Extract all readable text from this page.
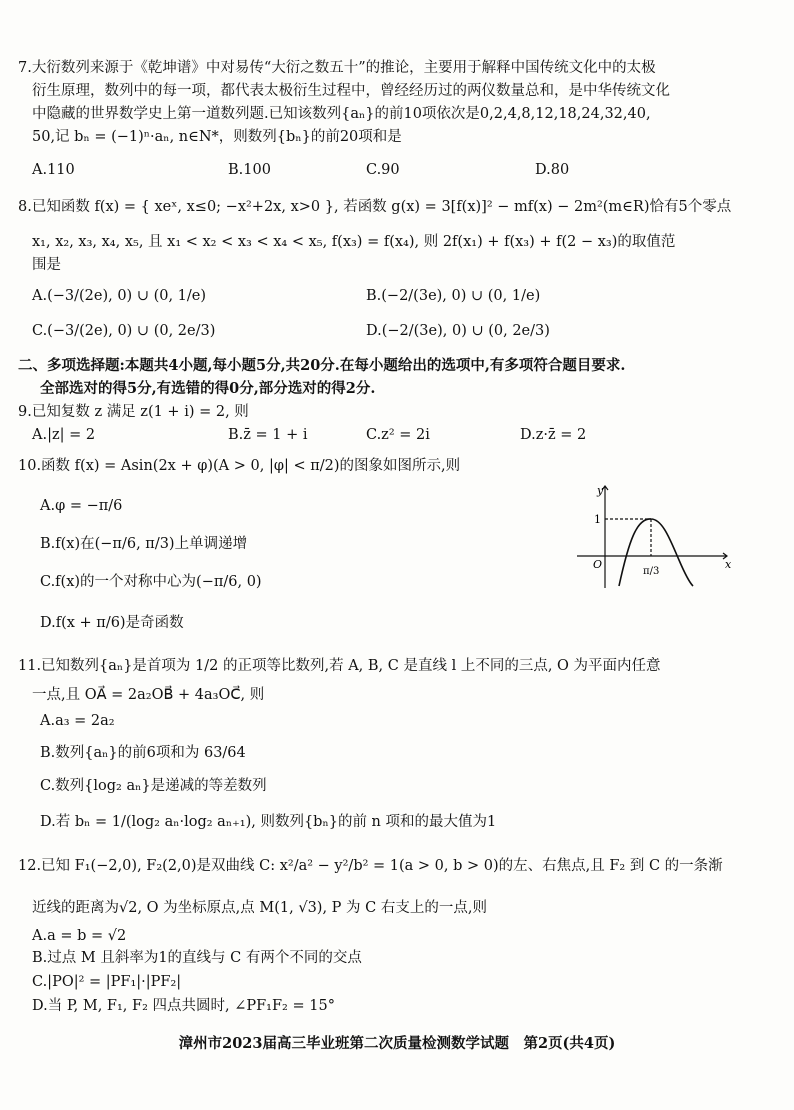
7.大衍数列来源于《乾坤谱》中对易传“大衍之数五十”的推论，主要用于解释中国传统文化中的太极
衍生原理，数列中的每一项，都代表太极衍生过程中，曾经经历过的两仪数量总和，是中华传统文化
中隐藏的世界数学史上第一道数列题.已知该数列{aₙ}的前10项依次是0,2,4,8,12,18,24,32,40,
50,记 bₙ = (−1)ⁿ·aₙ, n∈N*，则数列{bₙ}的前20项和是
A.110	B.100	C.90	D.80
8.已知函数 f(x) = { xeˣ, x≤0; −x²+2x, x>0 }, 若函数 g(x) = 3[f(x)]² − mf(x) − 2m²(m∈R)恰有5个零点
x₁, x₂, x₃, x₄, x₅, 且 x₁ < x₂ < x₃ < x₄ < x₅, f(x₃) = f(x₄), 则 2f(x₁) + f(x₃) + f(2 − x₃)的取值范
围是
A.(−3/(2e), 0) ∪ (0, 1/e)	B.(−2/(3e), 0) ∪ (0, 1/e)
C.(−3/(2e), 0) ∪ (0, 2e/3)	D.(−2/(3e), 0) ∪ (0, 2e/3)
二、多项选择题:本题共4小题,每小题5分,共20分.在每小题给出的选项中,有多项符合题目要求.
全部选对的得5分,有选错的得0分,部分选对的得2分.
9.已知复数 z 满足 z(1 + i) = 2, 则
A.|z| = 2	B.z̄ = 1 + i	C.z² = 2i	D.z·z̄ = 2
10.函数 f(x) = Asin(2x + φ)(A > 0, |φ| < π/2)的图象如图所示,则
A.φ = −π/6
B.f(x)在(−π/6, π/3)上单调递增
C.f(x)的一个对称中心为(−π/6, 0)
D.f(x + π/6)是奇函数
y
x
O
1
π/3
11.已知数列{aₙ}是首项为 1/2 的正项等比数列,若 A, B, C 是直线 l 上不同的三点, O 为平面内任意
一点,且 OA⃗ = 2a₂OB⃗ + 4a₃OC⃗, 则
A.a₃ = 2a₂
B.数列{aₙ}的前6项和为 63/64
C.数列{log₂ aₙ}是递减的等差数列
D.若 bₙ = 1/(log₂ aₙ·log₂ aₙ₊₁), 则数列{bₙ}的前 n 项和的最大值为1
12.已知 F₁(−2,0), F₂(2,0)是双曲线 C: x²/a² − y²/b² = 1(a > 0, b > 0)的左、右焦点,且 F₂ 到 C 的一条渐
近线的距离为√2, O 为坐标原点,点 M(1, √3), P 为 C 右支上的一点,则
A.a = b = √2
B.过点 M 且斜率为1的直线与 C 有两个不同的交点
C.|PO|² = |PF₁|·|PF₂|
D.当 P, M, F₁, F₂ 四点共圆时, ∠PF₁F₂ = 15°
漳州市2023届高三毕业班第二次质量检测数学试题　第2页(共4页)
